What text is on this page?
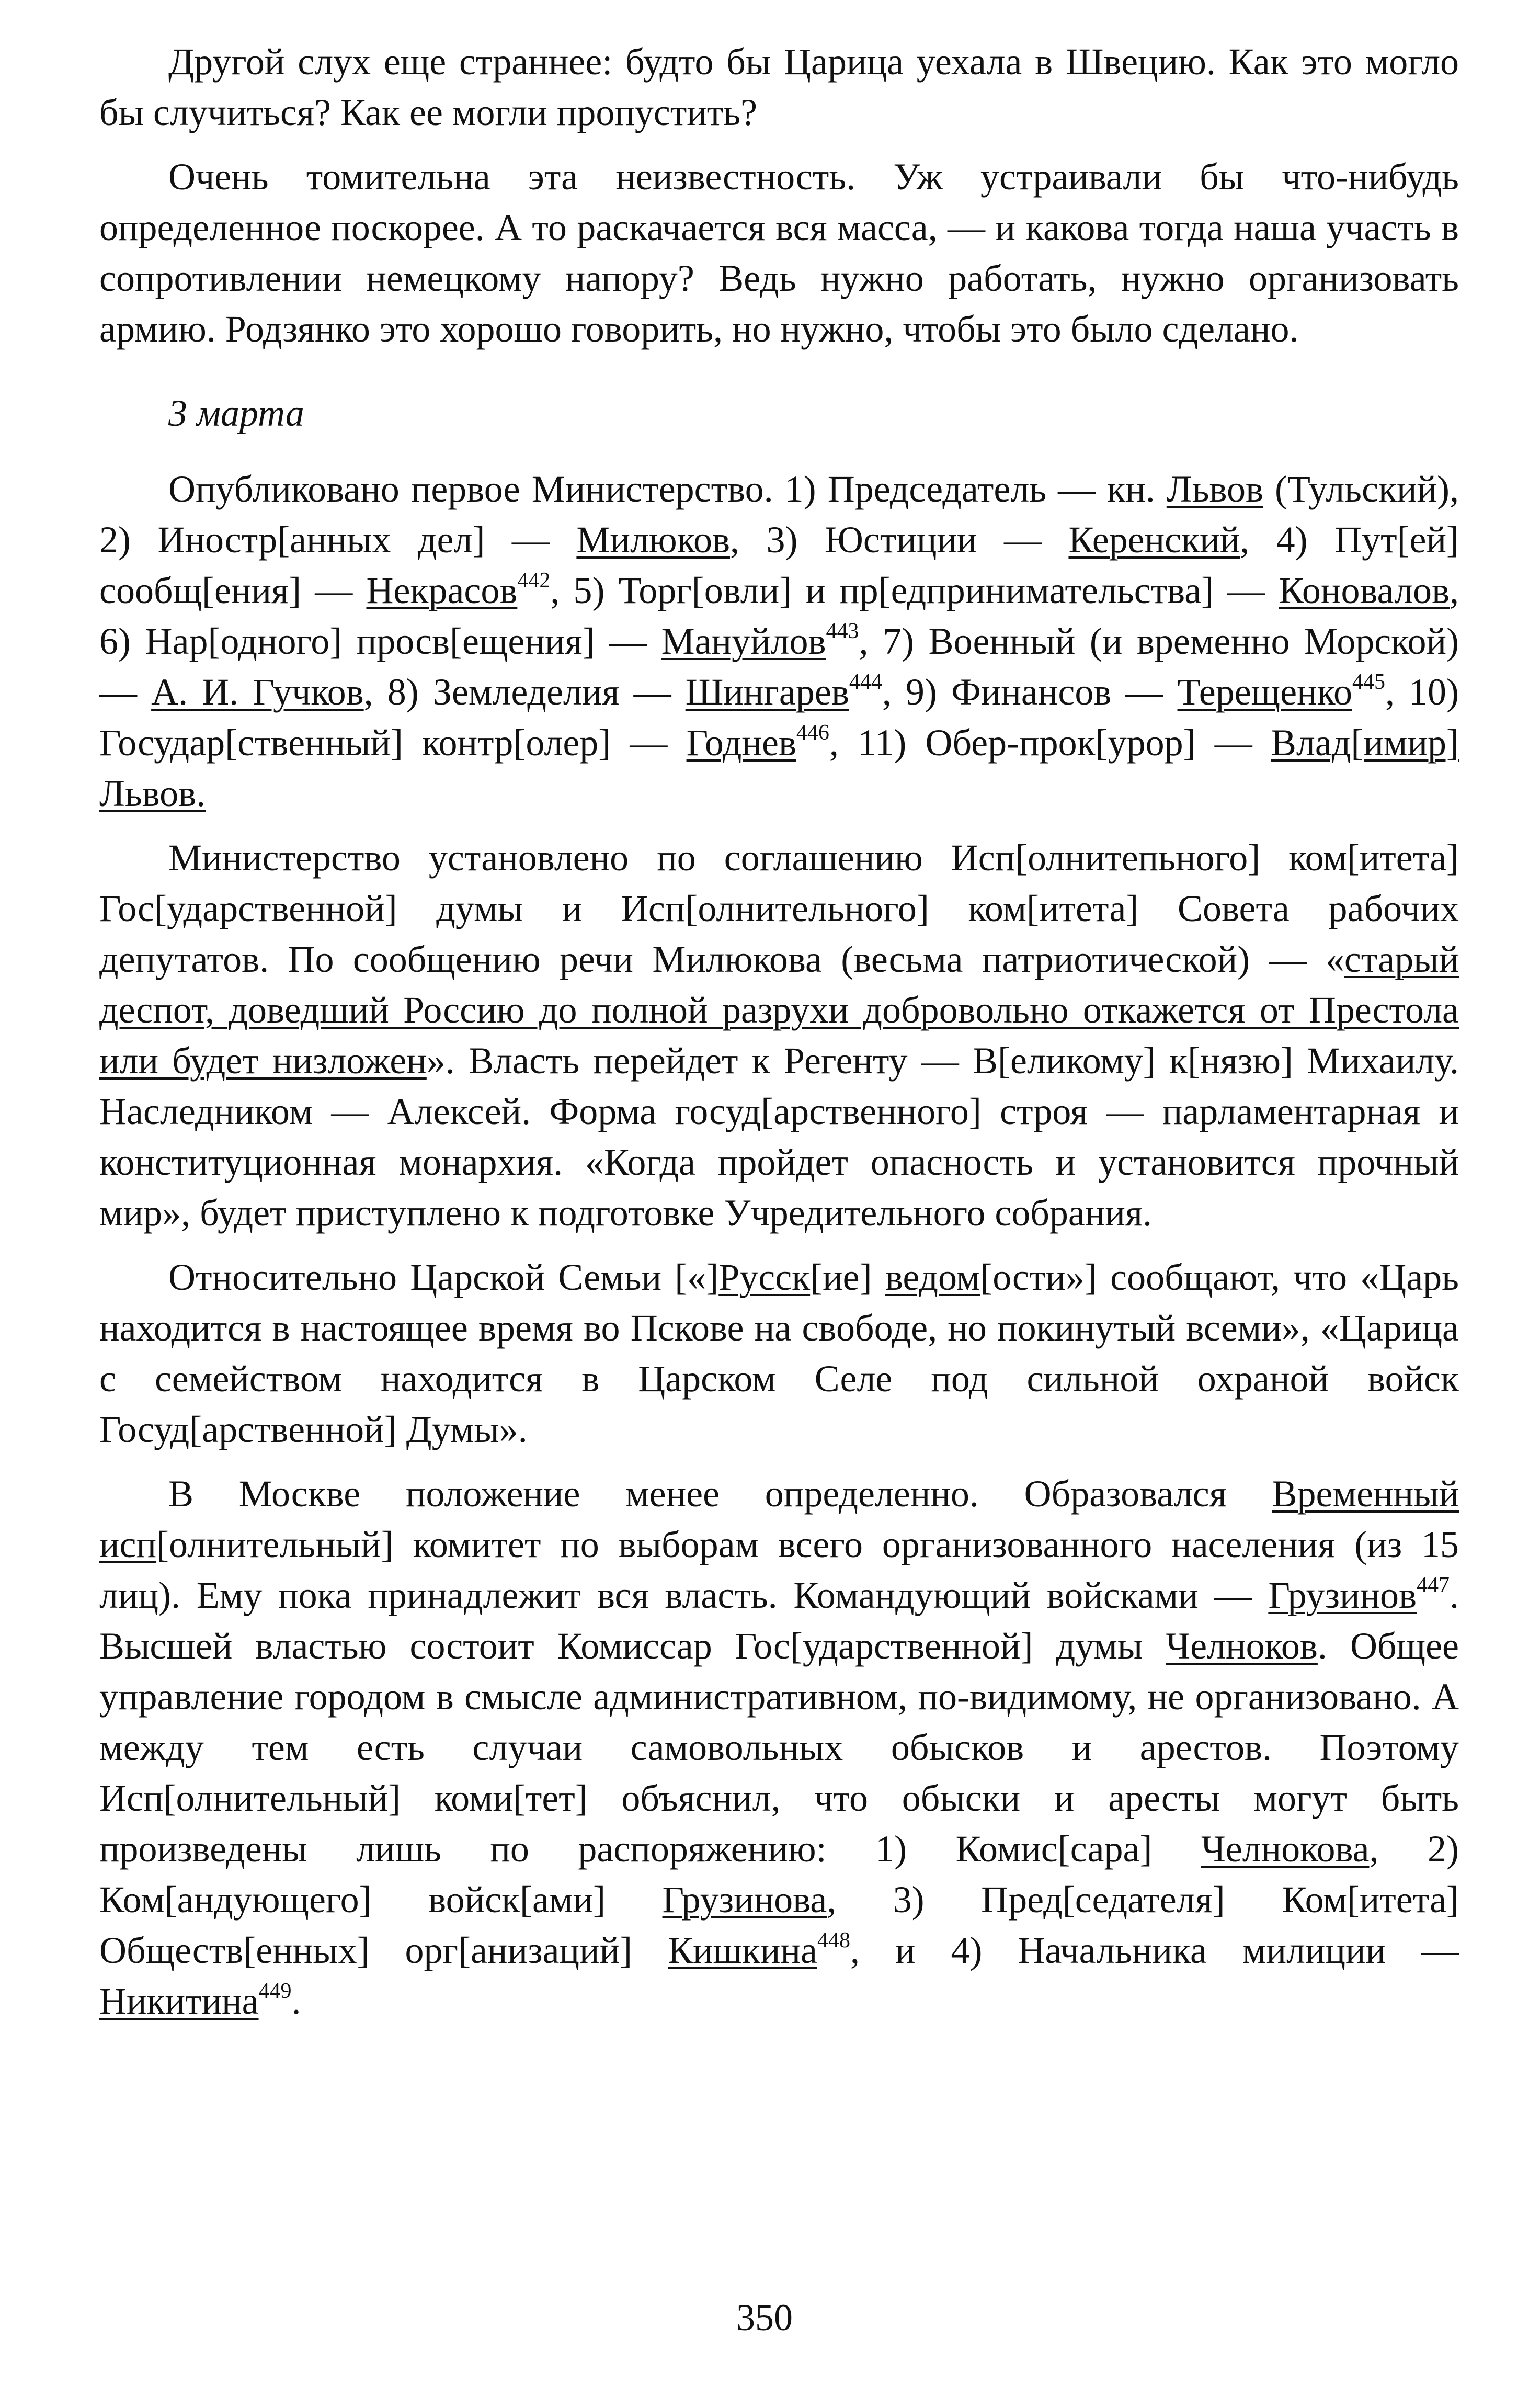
Другой слух еще страннее: будто бы Царица уехала в Швецию. Как это могло бы случиться? Как ее могли пропустить?

Очень томительна эта неизвестность. Уж устраивали бы что-нибудь определенное поскорее. А то раскачается вся масса, — и какова тогда наша участь в сопротивлении немецкому напору? Ведь нужно работать, нужно организовать армию. Родзянко это хорошо говорить, но нужно, чтобы это было сделано.

3 марта

Опубликовано первое Министерство. 1) Председатель — кн. Львов (Тульский), 2) Иностр[анных дел] — Милюков, 3) Юстиции — Керенский, 4) Пут[ей] сообщ[ения] — Некрасов$^{442}$, 5) Торг[овли] и пр[едпринимательства] — Коновалов, 6) Нар[одного] просв[ещения] — Мануйлов$^{443}$, 7) Военный (и временно Морской) — А. И. Гучков, 8) Земледелия — Шингарев$^{444}$, 9) Финансов — Терещенко$^{445}$, 10) Государ[ственный] контр[олер] — Годнев$^{446}$, 11) Обер-прок[урор] — Влад[имир] Львов.

Министерство установлено по соглашению Исп[олнитепьного] ком[итета] Гос[ударственной] думы и Исп[олнительного] ком[итета] Совета рабочих депутатов. По сообщению речи Милюкова (весьма патриотической) — «старый деспот, доведший Россию до полной разрухи добровольно откажется от Престола или будет низложен». Власть перейдет к Регенту — В[еликому] к[нязю] Михаилу. Наследником — Алексей. Форма госуд[арственного] строя — парламентарная и конституционная монархия. «Когда пройдет опасность и установится прочный мир», будет приступлено к подготовке Учредительного собрания.

Относительно Царской Семьи [«]Русск[ие] ведом[ости»] сообщают, что «Царь находится в настоящее время во Пскове на свободе, но покинутый всеми», «Царица с семейством находится в Царском Селе под сильной охраной войск Госуд[арственной] Думы».

В Москве положение менее определенно. Образовался Временный исп[олнительный] комитет по выборам всего организованного населения (из 15 лиц). Ему пока принадлежит вся власть. Командующий войсками — Грузинов$^{447}$. Высшей властью состоит Комиссар Гос[ударственной] думы Челноков. Общее управление городом в смысле административном, по-видимому, не организовано. А между тем есть случаи самовольных обысков и арестов. Поэтому Исп[олнительный] коми[тет] объяснил, что обыски и аресты могут быть произведены лишь по распоряжению: 1) Комис[сара] Челнокова, 2) Ком[андующего] войск[ами] Грузинова, 3) Пред[седателя] Ком[итета] Обществ[енных] орг[анизаций] Кишкина$^{448}$, и 4) Начальника милиции — Никитина$^{449}$.

350
